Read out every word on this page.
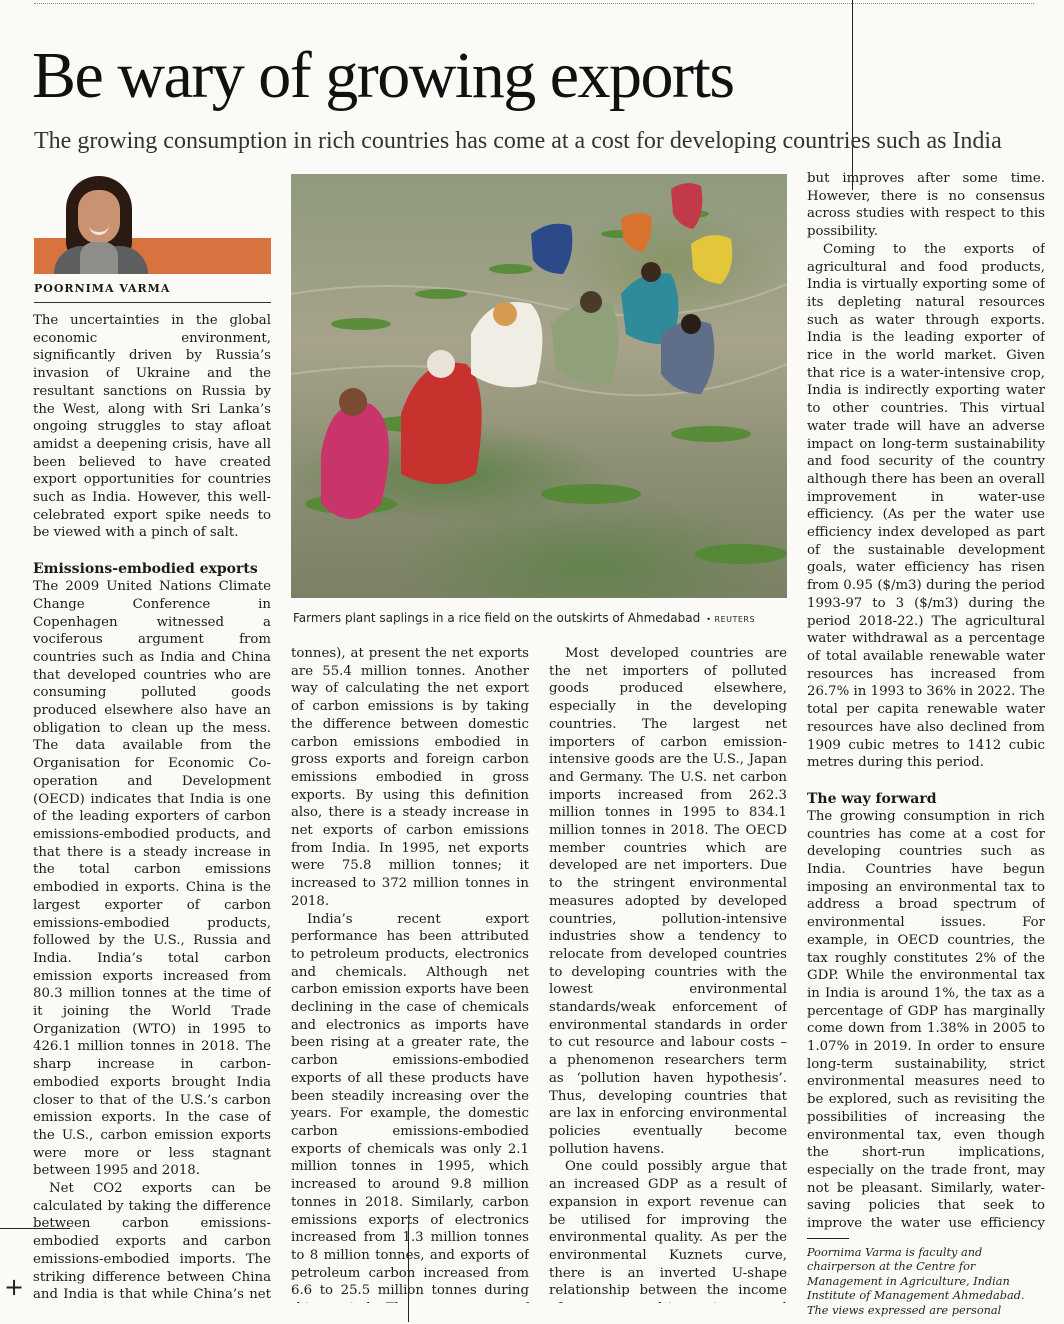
+
Be wary of growing exports
The growing consumption in rich countries has come at a cost for developing countries such as India

POORNIMA VARMA

The uncertainties in the global economic environment, significantly driven by Russia’s invasion of Ukraine and the resultant sanctions on Russia by the West, along with Sri Lanka’s ongoing struggles to stay afloat amidst a deepening crisis, have all been believed to have created export opportunities for countries such as India. However, this well-celebrated export spike needs to be viewed with a pinch of salt.

Emissions-embodied exports

The 2009 United Nations Climate Change Conference in Copenhagen witnessed a vociferous argument from countries such as India and China that developed countries who are consuming polluted goods produced elsewhere also have an obligation to clean up the mess. The data available from the Organisation for Economic Co-operation and Development (OECD) indicates that India is one of the leading exporters of carbon emissions-embodied products, and that there is a steady increase in the total carbon emissions embodied in exports. China is the largest exporter of carbon emissions-embodied products, followed by the U.S., Russia and India. India’s total carbon emission exports increased from 80.3 million tonnes at the time of it joining the World Trade Organization (WTO) in 1995 to 426.1 million tonnes in 2018. The sharp increase in carbon-embodied exports brought India closer to that of the U.S.’s carbon emission exports. In the case of the U.S., carbon emission exports were more or less stagnant between 1995 and 2018.

Net CO2 exports can be calculated by taking the difference between carbon emissions-embodied exports and carbon emissions-embodied imports. The striking difference between China and India is that while China’s net

Farmers plant saplings in a rice field on the outskirts of Ahmedabad • REUTERS

tonnes), at present the net exports are 55.4 million tonnes. Another way of calculating the net export of carbon emissions is by taking the difference between domestic carbon emissions embodied in gross exports and foreign carbon emissions embodied in gross exports. By using this definition also, there is a steady increase in net exports of carbon emissions from India. In 1995, net exports were 75.8 million tonnes; it increased to 372 million tonnes in 2018.

India’s recent export performance has been attributed to petroleum products, electronics and chemicals. Although net carbon emission exports have been declining in the case of chemicals and electronics as imports have been rising at a greater rate, the carbon emissions-embodied exports of all these products have been steadily increasing over the years. For example, the domestic carbon emissions-embodied exports of chemicals was only 2.1 million tonnes in 1995, which increased to around 9.8 million tonnes in 2018. Similarly, carbon emissions exports of electronics increased from 1.3 million tonnes to 8 million tonnes, and exports of petroleum carbon increased from 6.6 to 25.5 million tonnes during

Most developed countries are the net importers of polluted goods produced elsewhere, especially in the developing countries. The largest net importers of carbon emission-intensive goods are the U.S., Japan and Germany. The U.S. net carbon imports increased from 262.3 million tonnes in 1995 to 834.1 million tonnes in 2018. The OECD member countries which are developed are net importers. Due to the stringent environmental measures adopted by developed countries, pollution-intensive industries show a tendency to relocate from developed countries to developing countries with the lowest environmental standards/weak enforcement of environmental standards in order to cut resource and labour costs – a phenomenon researchers term as ‘pollution haven hypothesis’. Thus, developing countries that are lax in enforcing environmental policies eventually become pollution havens.

One could possibly argue that an increased GDP as a result of expansion in export revenue can be utilised for improving the environmental quality. As per the environmental Kuznets curve, there is an inverted U-shape relationship between the income

but improves after some time. However, there is no consensus across studies with respect to this possibility.

Coming to the exports of agricultural and food products, India is virtually exporting some of its depleting natural resources such as water through exports. India is the leading exporter of rice in the world market. Given that rice is a water-intensive crop, India is indirectly exporting water to other countries. This virtual water trade will have an adverse impact on long-term sustainability and food security of the country although there has been an overall improvement in water-use efficiency. (As per the water use efficiency index developed as part of the sustainable development goals, water efficiency has risen from 0.95 ($/m3) during the period 1993-97 to 3 ($/m3) during the period 2018-22.) The agricultural water withdrawal as a percentage of total available renewable water resources has increased from 26.7% in 1993 to 36% in 2022. The total per capita renewable water resources have also declined from 1909 cubic metres to 1412 cubic metres during this period.

The way forward

The growing consumption in rich countries has come at a cost for developing countries such as India. Countries have begun imposing an environmental tax to address a broad spectrum of environmental issues. For example, in OECD countries, the tax roughly constitutes 2% of the GDP. While the environmental tax in India is around 1%, the tax as a percentage of GDP has marginally come down from 1.38% in 2005 to 1.07% in 2019. In order to ensure long-term sustainability, strict environmental measures need to be explored, such as revisiting the possibilities of increasing the environmental tax, even though the short-run implications, especially on the trade front, may not be pleasant. Similarly, water-saving policies that seek to improve the water use efficiency

Poornima Varma is faculty and chairperson at the Centre for Management in Agriculture, Indian Institute of Management Ahmedabad. The views expressed are personal
